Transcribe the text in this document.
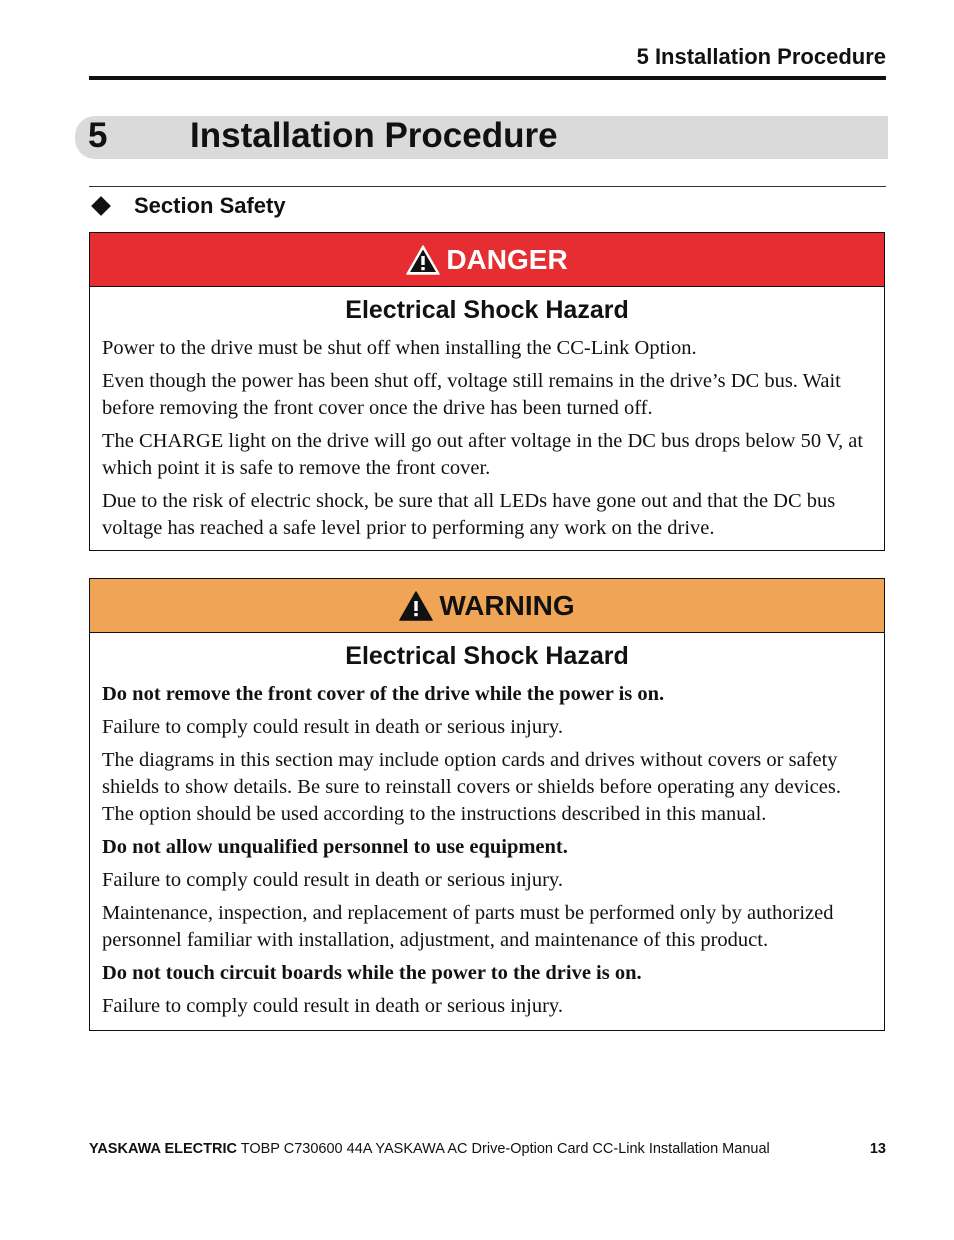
5 Installation Procedure
5 Installation Procedure
Section Safety
DANGER
Electrical Shock Hazard

Power to the drive must be shut off when installing the CC-Link Option.

Even though the power has been shut off, voltage still remains in the drive’s DC bus. Wait before removing the front cover once the drive has been turned off.

The CHARGE light on the drive will go out after voltage in the DC bus drops below 50 V, at which point it is safe to remove the front cover.

Due to the risk of electric shock, be sure that all LEDs have gone out and that the DC bus voltage has reached a safe level prior to performing any work on the drive.

WARNING
Electrical Shock Hazard

Do not remove the front cover of the drive while the power is on.

Failure to comply could result in death or serious injury.

The diagrams in this section may include option cards and drives without covers or safety shields to show details. Be sure to reinstall covers or shields before operating any devices. The option should be used according to the instructions described in this manual.

Do not allow unqualified personnel to use equipment.

Failure to comply could result in death or serious injury.

Maintenance, inspection, and replacement of parts must be performed only by authorized personnel familiar with installation, adjustment, and maintenance of this product.

Do not touch circuit boards while the power to the drive is on.

Failure to comply could result in death or serious injury.

YASKAWA ELECTRIC TOBP C730600 44A YASKAWA AC Drive-Option Card CC-Link Installation Manual	13
